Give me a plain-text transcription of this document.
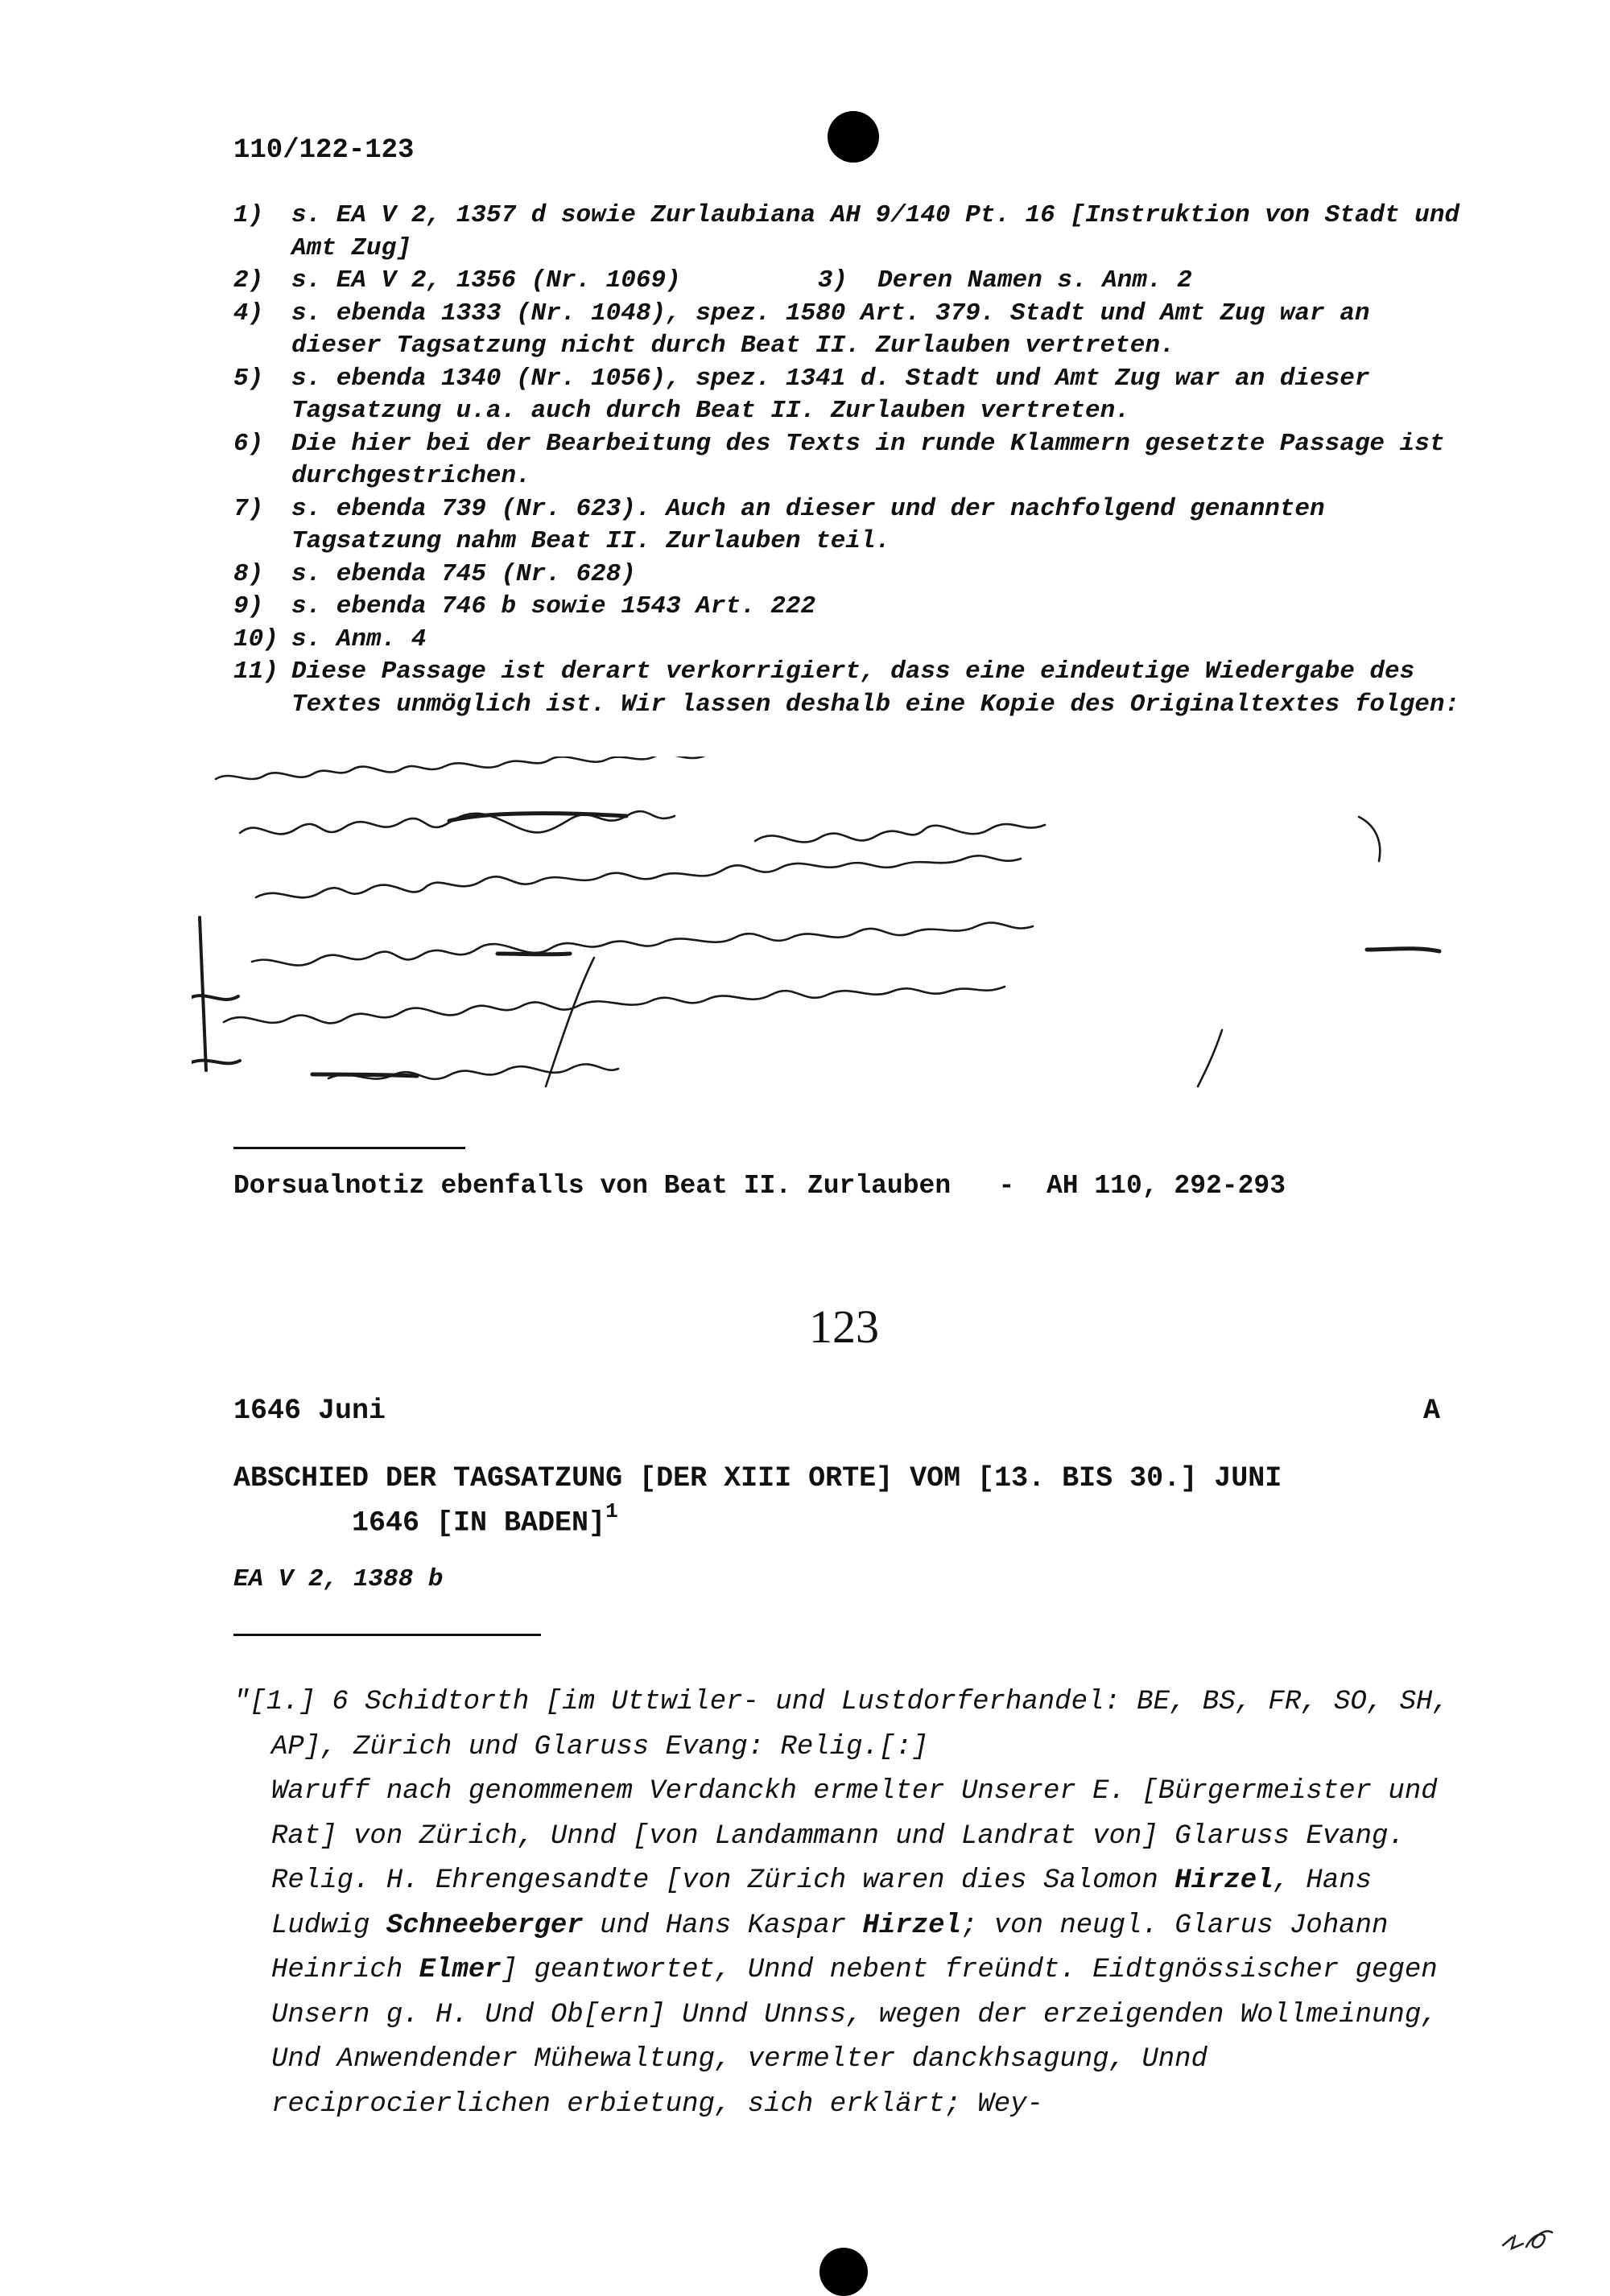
110/122-123
1) s. EA V 2, 1357 d sowie Zurlaubiana AH 9/140 Pt. 16 [Instruktion von Stadt und Amt Zug]
2) s. EA V 2, 1356 (Nr. 1069)	3) Deren Namen s. Anm. 2
4) s. ebenda 1333 (Nr. 1048), spez. 1580 Art. 379. Stadt und Amt Zug war an dieser Tagsatzung nicht durch Beat II. Zurlauben vertreten.
5) s. ebenda 1340 (Nr. 1056), spez. 1341 d. Stadt und Amt Zug war an dieser Tagsatzung u.a. auch durch Beat II. Zurlauben vertreten.
6) Die hier bei der Bearbeitung des Texts in runde Klammern gesetzte Passage ist durchgestrichen.
7) s. ebenda 739 (Nr. 623). Auch an dieser und der nachfolgend genannten Tagsatzung nahm Beat II. Zurlauben teil.
8) s. ebenda 745 (Nr. 628)
9) s. ebenda 746 b sowie 1543 Art. 222
10) s. Anm. 4
11) Diese Passage ist derart verkorrigiert, dass eine eindeutige Wiedergabe des Textes unmöglich ist. Wir lassen deshalb eine Kopie des Originaltextes folgen:
Dorsualnotiz ebenfalls von Beat II. Zurlauben   -  AH 110, 292-293
123
1646 Juni	A
ABSCHIED DER TAGSATZUNG [DER XIII ORTE] VOM [13. BIS 30.] JUNI
1646 [IN BADEN]$^1$
EA V 2, 1388 b
"[1.] 6 Schidtorth [im Uttwiler- und Lustdorferhandel: BE, BS, FR, SO, SH, AP], Zürich und Glaruss Evang: Relig.[:]
Waruff nach genommenem Verdanckh ermelter Unserer E. [Bürgermeister und Rat] von Zürich, Unnd [von Landammann und Landrat von] Glaruss Evang. Relig. H. Ehrengesandte [von Zürich waren dies Salomon Hirzel, Hans Ludwig Schneeberger und Hans Kaspar Hirzel; von neugl. Glarus Johann Heinrich Elmer] geantwortet, Unnd nebent freündt. Eidtgnössischer gegen Unsern g. H. Und Ob[ern] Unnd Unnss, wegen der erzeigenden Wollmeinung, Und Anwendender Mühewaltung, vermelter danckhsagung, Unnd reciprocierlichen erbietung, sich erklärt; Wey-
